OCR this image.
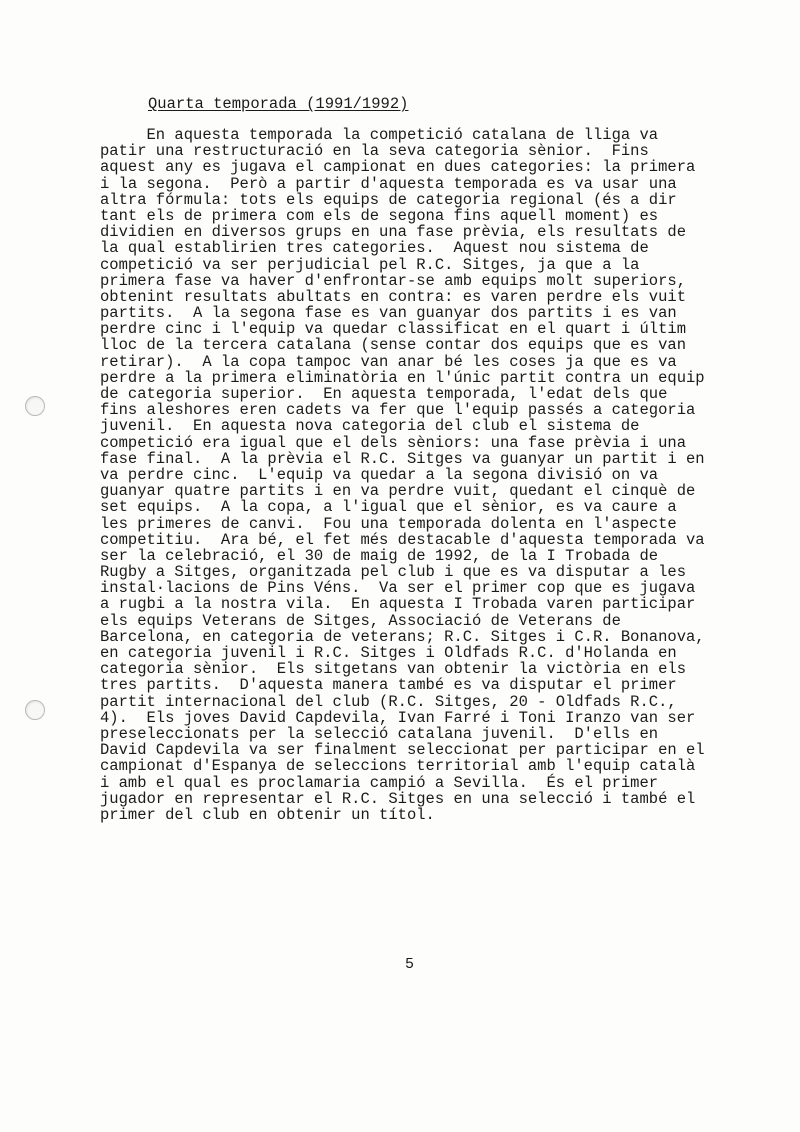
Quarta temporada (1991/1992)
En aquesta temporada la competició catalana de lliga va
patir una restructuració en la seva categoria sènior.  Fins
aquest any es jugava el campionat en dues categories: la primera
i la segona.  Però a partir d'aquesta temporada es va usar una
altra fórmula: tots els equips de categoria regional (és a dir
tant els de primera com els de segona fins aquell moment) es
dividien en diversos grups en una fase prèvia, els resultats de
la qual establirien tres categories.  Aquest nou sistema de
competició va ser perjudicial pel R.C. Sitges, ja que a la
primera fase va haver d'enfrontar-se amb equips molt superiors,
obtenint resultats abultats en contra: es varen perdre els vuit
partits.  A la segona fase es van guanyar dos partits i es van
perdre cinc i l'equip va quedar classificat en el quart i últim
lloc de la tercera catalana (sense contar dos equips que es van
retirar).  A la copa tampoc van anar bé les coses ja que es va
perdre a la primera eliminatòria en l'únic partit contra un equip
de categoria superior.  En aquesta temporada, l'edat dels que
fins aleshores eren cadets va fer que l'equip passés a categoria
juvenil.  En aquesta nova categoria del club el sistema de
competició era igual que el dels sèniors: una fase prèvia i una
fase final.  A la prèvia el R.C. Sitges va guanyar un partit i en
va perdre cinc.  L'equip va quedar a la segona divisió on va
guanyar quatre partits i en va perdre vuit, quedant el cinquè de
set equips.  A la copa, a l'igual que el sènior, es va caure a
les primeres de canvi.  Fou una temporada dolenta en l'aspecte
competitiu.  Ara bé, el fet més destacable d'aquesta temporada va
ser la celebració, el 30 de maig de 1992, de la I Trobada de
Rugby a Sitges, organitzada pel club i que es va disputar a les
instal·lacions de Pins Véns.  Va ser el primer cop que es jugava
a rugbi a la nostra vila.  En aquesta I Trobada varen participar
els equips Veterans de Sitges, Associació de Veterans de
Barcelona, en categoria de veterans; R.C. Sitges i C.R. Bonanova,
en categoria juvenil i R.C. Sitges i Oldfads R.C. d'Holanda en
categoria sènior.  Els sitgetans van obtenir la victòria en els
tres partits.  D'aquesta manera també es va disputar el primer
partit internacional del club (R.C. Sitges, 20 - Oldfads R.C.,
4).  Els joves David Capdevila, Ivan Farré i Toni Iranzo van ser
preseleccionats per la selecció catalana juvenil.  D'ells en
David Capdevila va ser finalment seleccionat per participar en el
campionat d'Espanya de seleccions territorial amb l'equip català
i amb el qual es proclamaria campió a Sevilla.  És el primer
jugador en representar el R.C. Sitges en una selecció i també el
primer del club en obtenir un títol.

5
